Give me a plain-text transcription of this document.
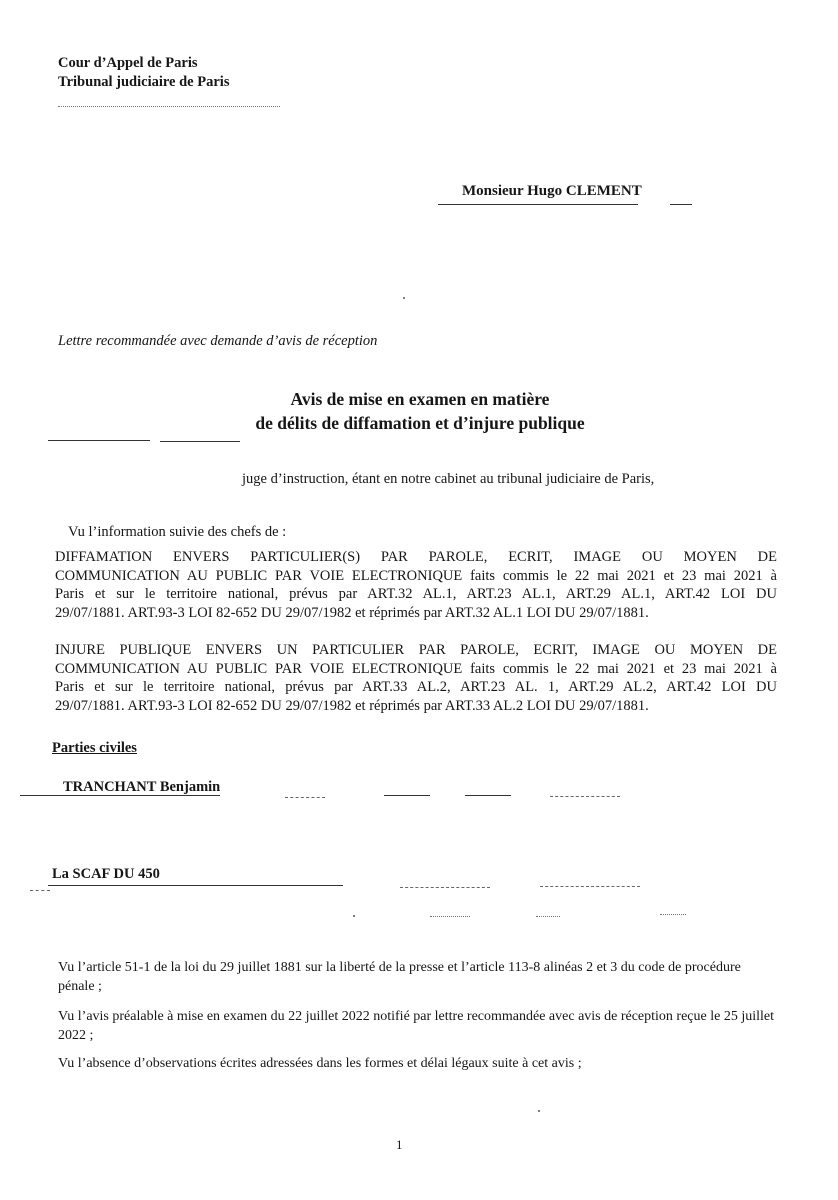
Cour d’Appel de Paris
Tribunal judiciaire de Paris
Monsieur Hugo CLEMENT
Lettre recommandée avec demande d’avis de réception
Avis de mise en examen en matière
de délits de diffamation et d’injure publique
juge d’instruction, étant en notre cabinet au tribunal judiciaire de Paris,
Vu l’information suivie des chefs de :
DIFFAMATION ENVERS PARTICULIER(S) PAR PAROLE, ECRIT, IMAGE OU MOYEN DE
COMMUNICATION AU PUBLIC PAR VOIE ELECTRONIQUE faits commis le 22 mai 2021 et 23 mai 2021 à
Paris et sur le territoire national, prévus par ART.32 AL.1, ART.23 AL.1, ART.29 AL.1, ART.42 LOI DU
29/07/1881. ART.93-3 LOI 82-652 DU 29/07/1982 et réprimés par ART.32 AL.1 LOI DU 29/07/1881.
INJURE PUBLIQUE ENVERS UN PARTICULIER PAR PAROLE, ECRIT, IMAGE OU MOYEN DE
COMMUNICATION AU PUBLIC PAR VOIE ELECTRONIQUE faits commis le 22 mai 2021 et 23 mai 2021 à
Paris et sur le territoire national, prévus par ART.33 AL.2, ART.23 AL. 1, ART.29 AL.2, ART.42 LOI DU
29/07/1881. ART.93-3 LOI 82-652 DU 29/07/1982 et réprimés par ART.33 AL.2 LOI DU 29/07/1881.
Parties civiles
TRANCHANT Benjamin
La SCAF DU 450
Vu l’article 51-1 de la loi du 29 juillet 1881 sur la liberté de la presse et l’article 113-8 alinéas 2 et 3 du code de procédure pénale ;
Vu l’avis préalable à mise en examen du 22 juillet 2022 notifié par lettre recommandée avec avis de réception reçue le 25 juillet 2022 ;
Vu l’absence d’observations écrites adressées dans les formes et délai légaux suite à cet avis ;
1
